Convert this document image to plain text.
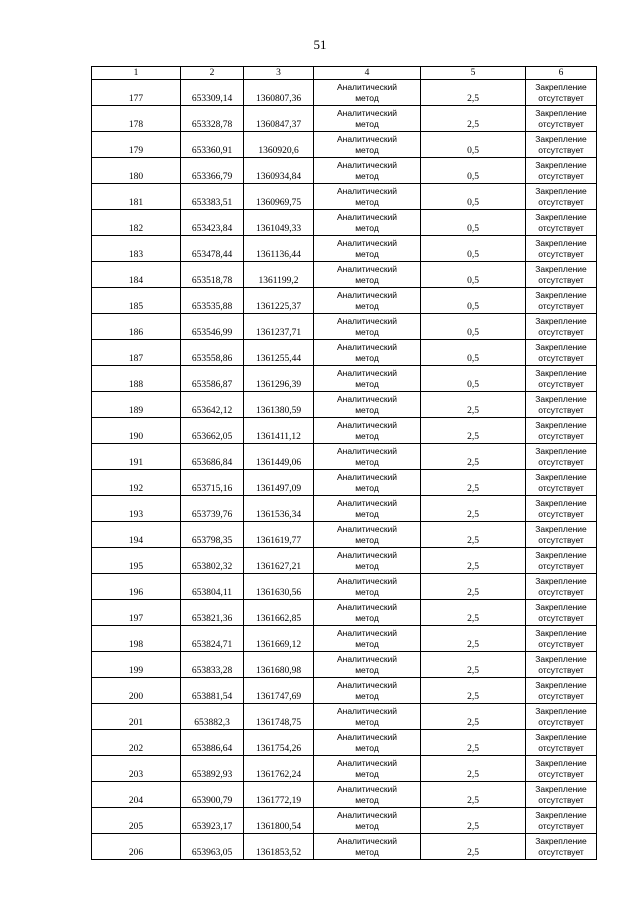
51
1	2	3	4	5	6
177	653309,14	1360807,36	Аналитический
метод	2,5	Закрепление
отсутствует

178	653328,78	1360847,37	Аналитический
метод	2,5	Закрепление
отсутствует

179	653360,91	1360920,6	Аналитический
метод	0,5	Закрепление
отсутствует

180	653366,79	1360934,84	Аналитический
метод	0,5	Закрепление
отсутствует

181	653383,51	1360969,75	Аналитический
метод	0,5	Закрепление
отсутствует

182	653423,84	1361049,33	Аналитический
метод	0,5	Закрепление
отсутствует

183	653478,44	1361136,44	Аналитический
метод	0,5	Закрепление
отсутствует

184	653518,78	1361199,2	Аналитический
метод	0,5	Закрепление
отсутствует

185	653535,88	1361225,37	Аналитический
метод	0,5	Закрепление
отсутствует

186	653546,99	1361237,71	Аналитический
метод	0,5	Закрепление
отсутствует

187	653558,86	1361255,44	Аналитический
метод	0,5	Закрепление
отсутствует

188	653586,87	1361296,39	Аналитический
метод	0,5	Закрепление
отсутствует

189	653642,12	1361380,59	Аналитический
метод	2,5	Закрепление
отсутствует

190	653662,05	1361411,12	Аналитический
метод	2,5	Закрепление
отсутствует

191	653686,84	1361449,06	Аналитический
метод	2,5	Закрепление
отсутствует

192	653715,16	1361497,09	Аналитический
метод	2,5	Закрепление
отсутствует

193	653739,76	1361536,34	Аналитический
метод	2,5	Закрепление
отсутствует

194	653798,35	1361619,77	Аналитический
метод	2,5	Закрепление
отсутствует

195	653802,32	1361627,21	Аналитический
метод	2,5	Закрепление
отсутствует

196	653804,11	1361630,56	Аналитический
метод	2,5	Закрепление
отсутствует

197	653821,36	1361662,85	Аналитический
метод	2,5	Закрепление
отсутствует

198	653824,71	1361669,12	Аналитический
метод	2,5	Закрепление
отсутствует

199	653833,28	1361680,98	Аналитический
метод	2,5	Закрепление
отсутствует

200	653881,54	1361747,69	Аналитический
метод	2,5	Закрепление
отсутствует

201	653882,3	1361748,75	Аналитический
метод	2,5	Закрепление
отсутствует

202	653886,64	1361754,26	Аналитический
метод	2,5	Закрепление
отсутствует

203	653892,93	1361762,24	Аналитический
метод	2,5	Закрепление
отсутствует

204	653900,79	1361772,19	Аналитический
метод	2,5	Закрепление
отсутствует

205	653923,17	1361800,54	Аналитический
метод	2,5	Закрепление
отсутствует

206	653963,05	1361853,52	Аналитический
метод	2,5	Закрепление
отсутствует
